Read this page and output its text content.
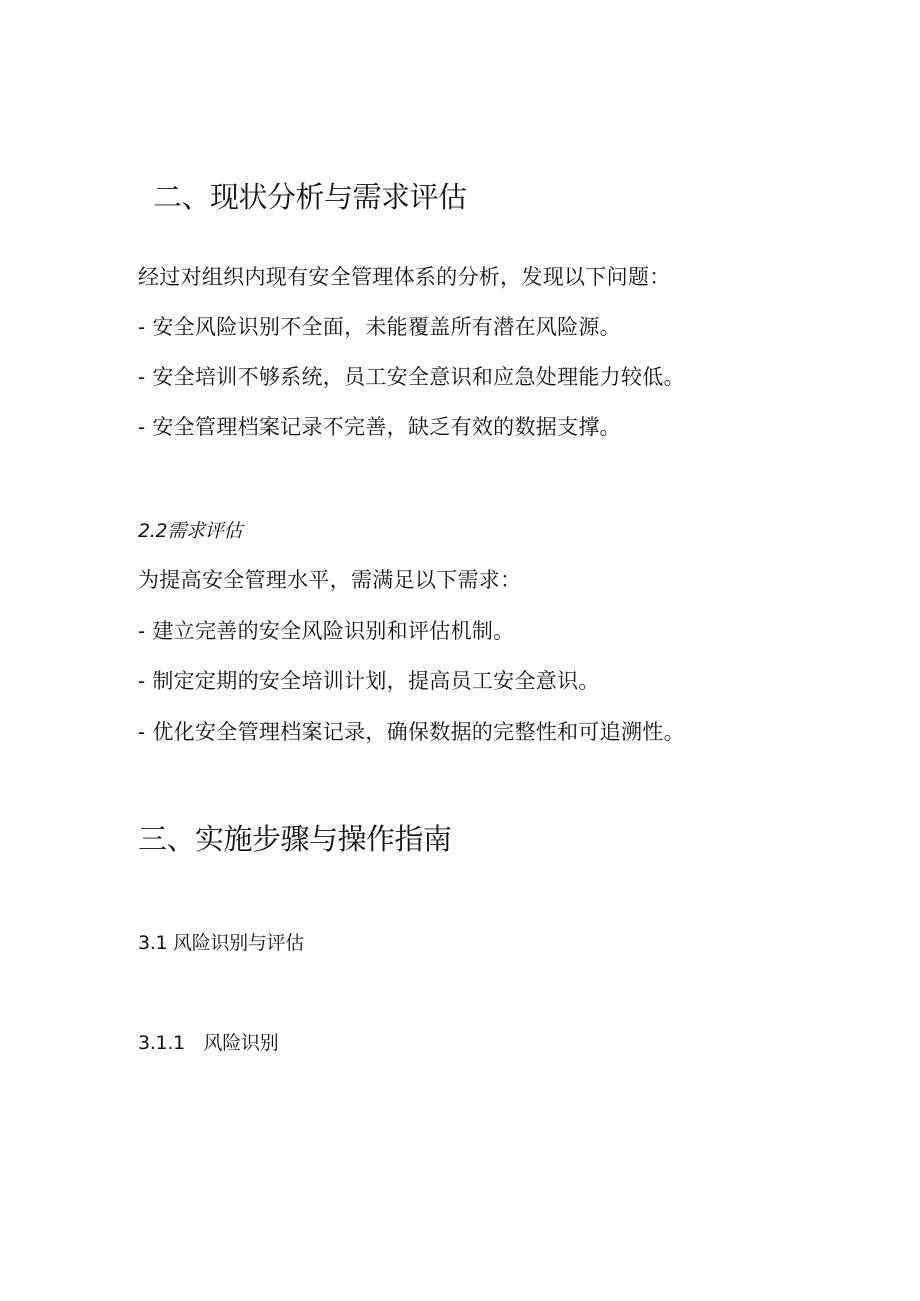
二、现状分析与需求评估
经过对组织内现有安全管理体系的分析，发现以下问题：
- 安全风险识别不全面，未能覆盖所有潜在风险源。
- 安全培训不够系统，员工安全意识和应急处理能力较低。
- 安全管理档案记录不完善，缺乏有效的数据支撑。
2.2需求评估
为提高安全管理水平，需满足以下需求：
- 建立完善的安全风险识别和评估机制。
- 制定定期的安全培训计划，提高员工安全意识。
- 优化安全管理档案记录，确保数据的完整性和可追溯性。
三、实施步骤与操作指南
3.1 风险识别与评估
3.1.1　风险识别
